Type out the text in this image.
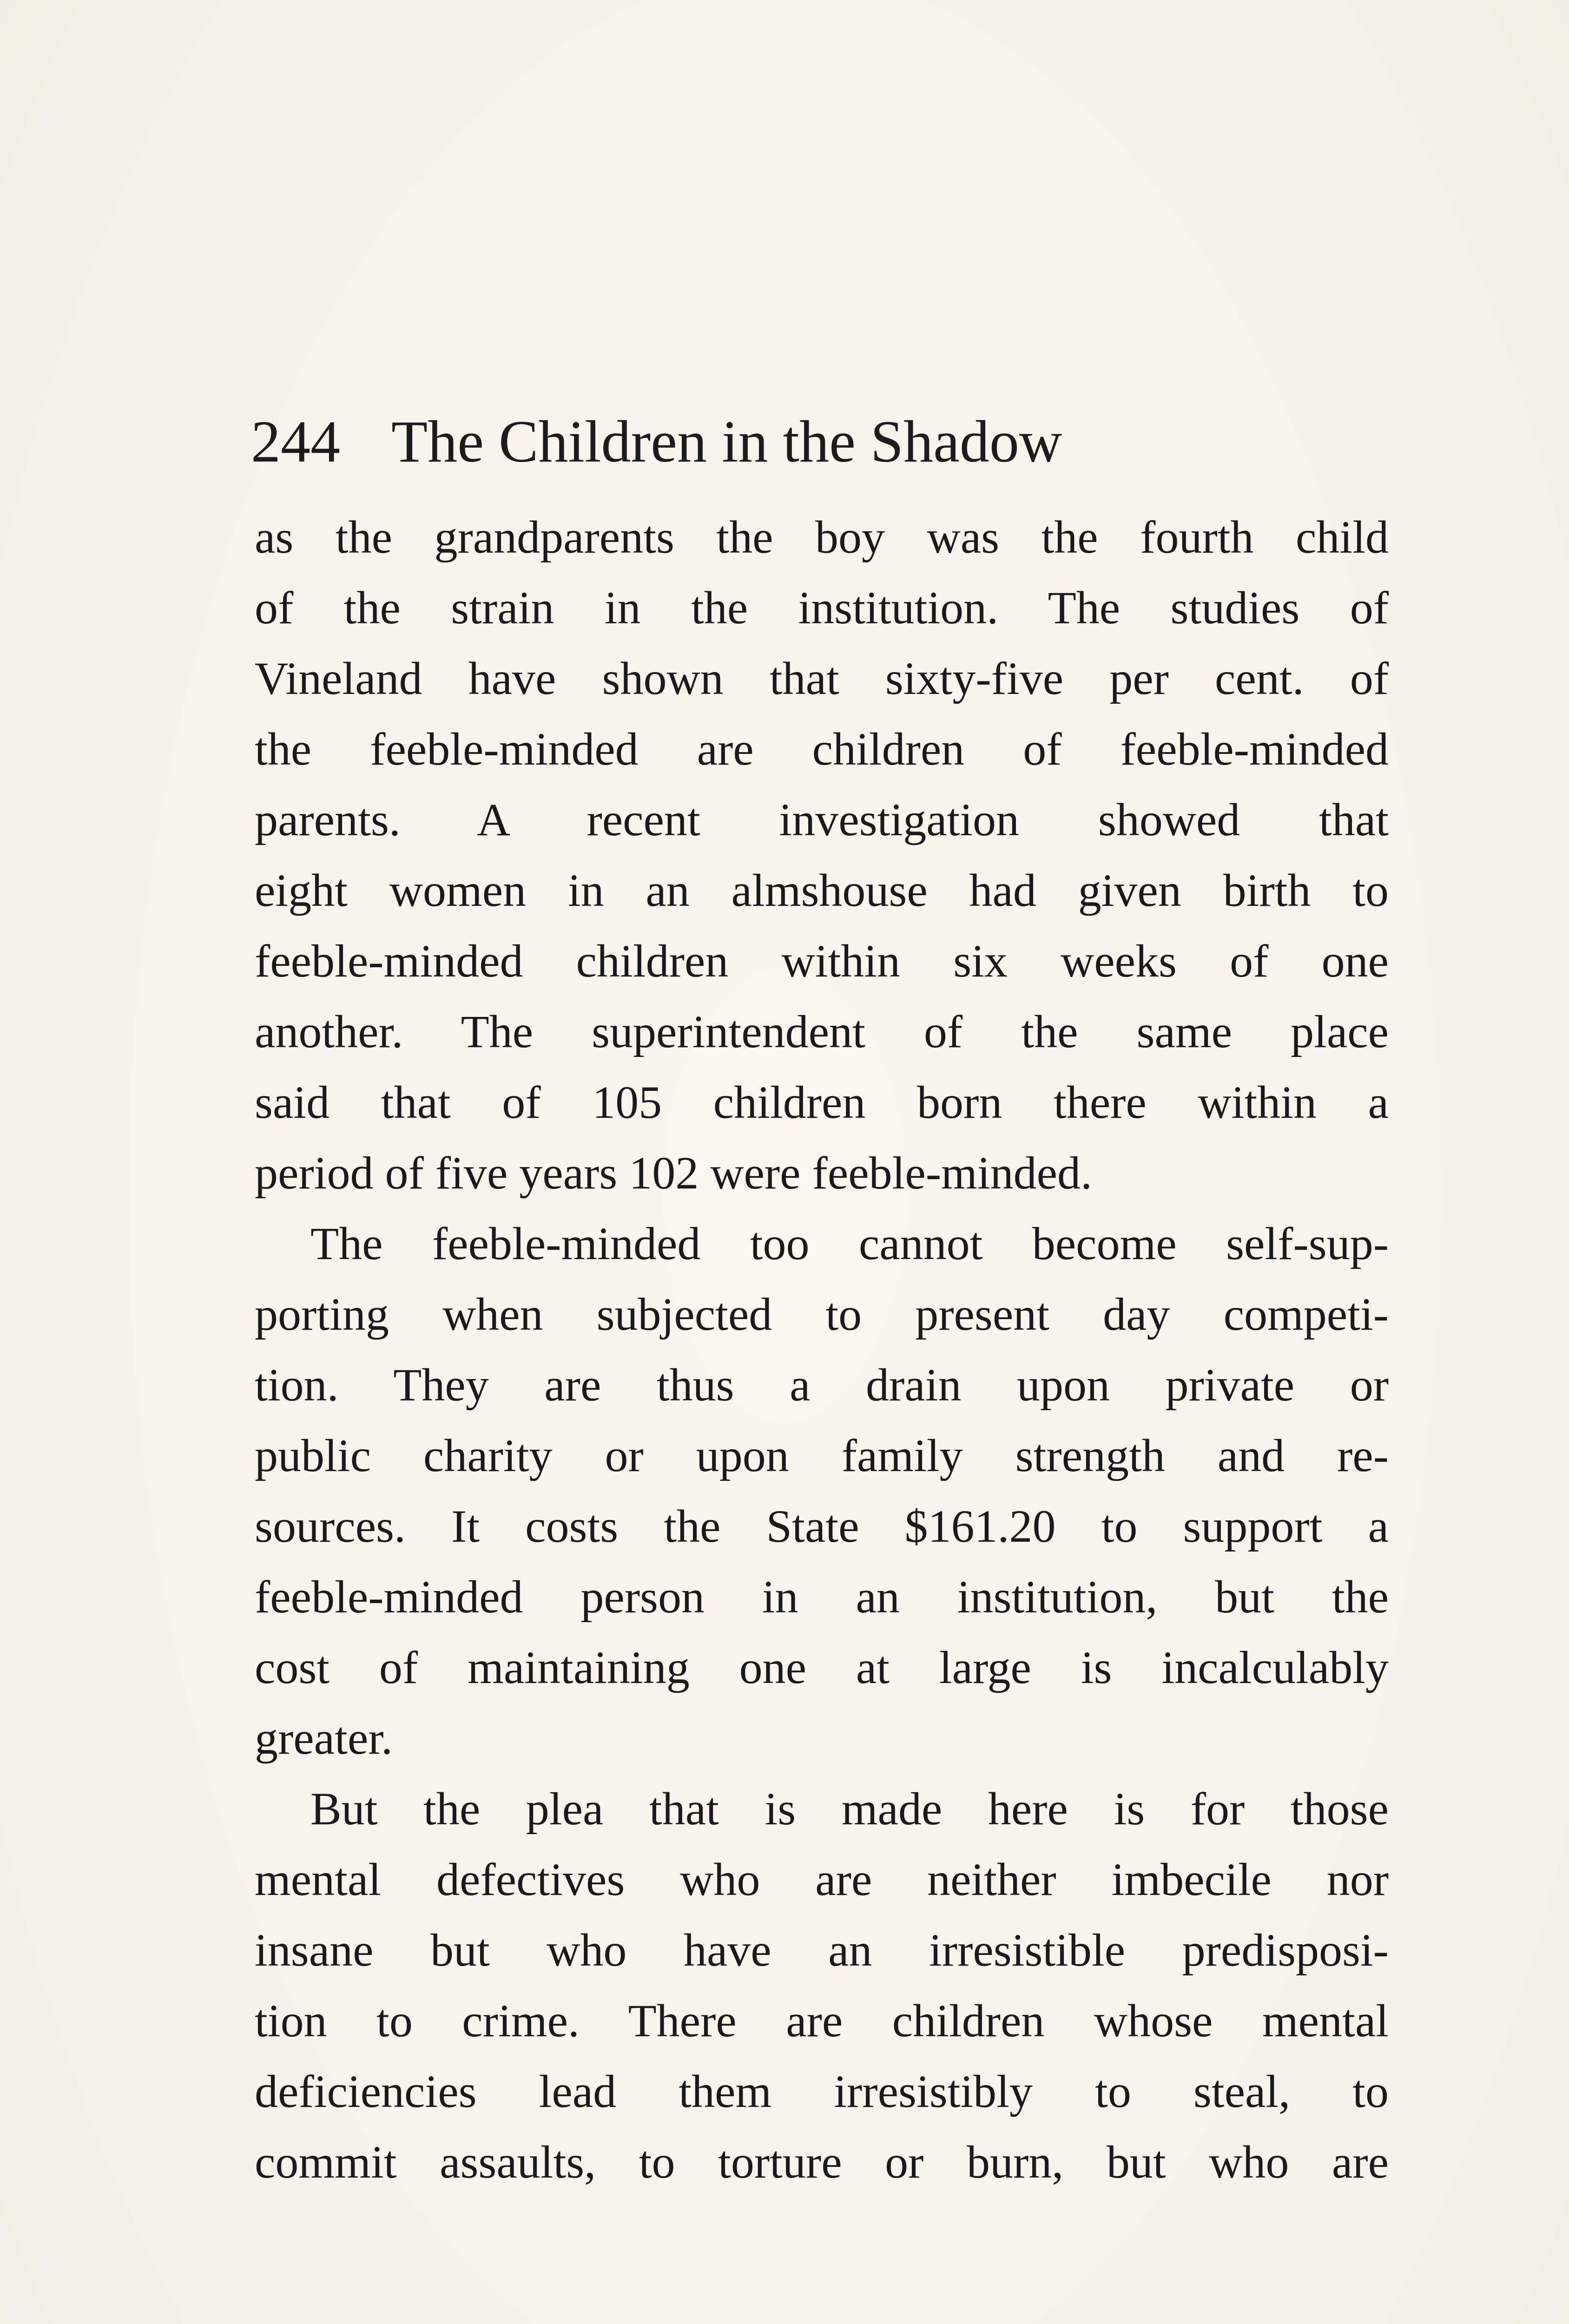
244 The Children in the Shadow
as the grandparents the boy was the fourth child
of the strain in the institution. The studies of
Vineland have shown that sixty-five per cent. of
the feeble-minded are children of feeble-minded
parents. A recent investigation showed that
eight women in an almshouse had given birth to
feeble-minded children within six weeks of one
another. The superintendent of the same place
said that of 105 children born there within a
period of five years 102 were feeble-minded.
The feeble-minded too cannot become self-sup-
porting when subjected to present day competi-
tion. They are thus a drain upon private or
public charity or upon family strength and re-
sources. It costs the State $161.20 to support a
feeble-minded person in an institution, but the
cost of maintaining one at large is incalculably
greater.
But the plea that is made here is for those
mental defectives who are neither imbecile nor
insane but who have an irresistible predisposi-
tion to crime. There are children whose mental
deficiencies lead them irresistibly to steal, to
commit assaults, to torture or burn, but who are
